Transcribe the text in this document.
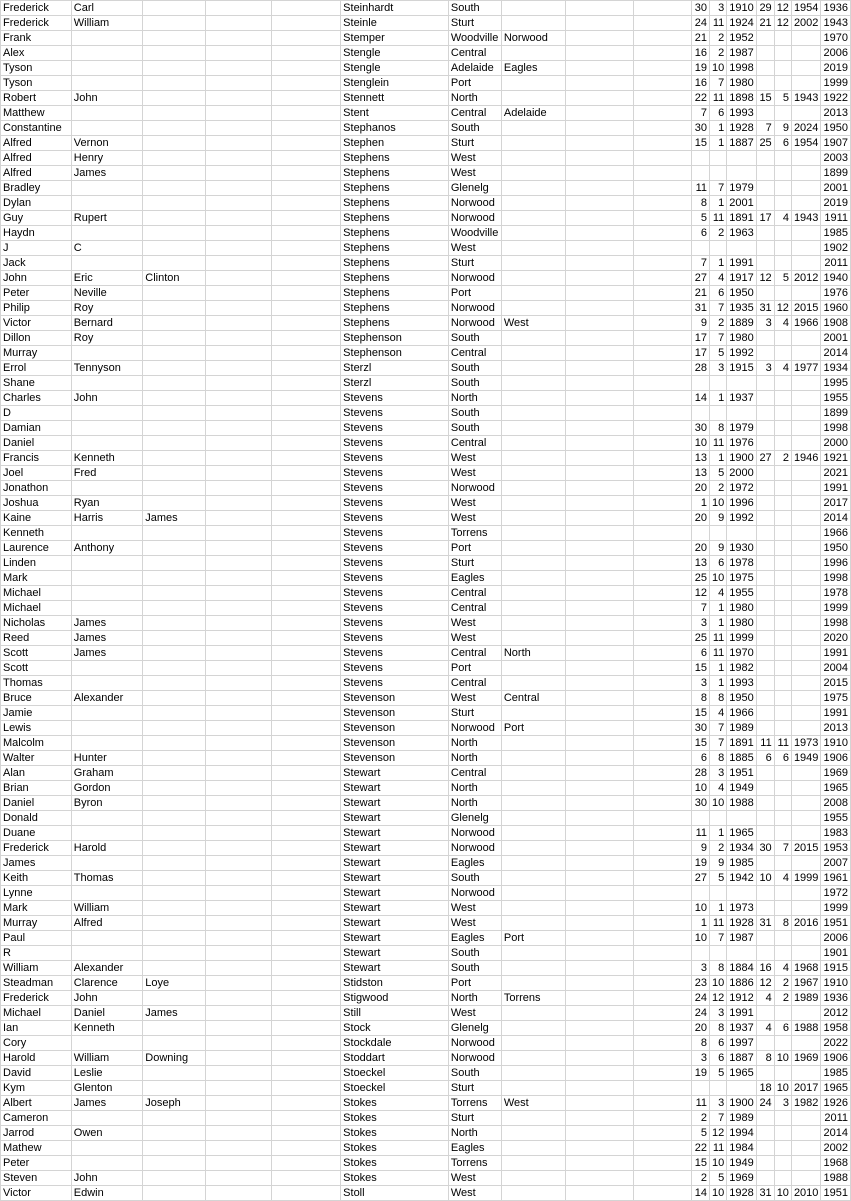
Frederick	Carl				Steinhardt	South				30	3	1910	29	12	1954	1936
Frederick	William				Steinle	Sturt				24	11	1924	21	12	2002	1943
Frank					Stemper	Woodville	Norwood			21	2	1952				1970
Alex					Stengle	Central				16	2	1987				2006
Tyson					Stengle	Adelaide	Eagles			19	10	1998				2019
Tyson					Stenglein	Port				16	7	1980				1999
Robert	John				Stennett	North				22	11	1898	15	5	1943	1922
Matthew					Stent	Central	Adelaide			7	6	1993				2013
Constantine					Stephanos	South				30	1	1928	7	9	2024	1950
Alfred	Vernon				Stephen	Sturt				15	1	1887	25	6	1954	1907
Alfred	Henry				Stephens	West										2003
Alfred	James				Stephens	West										1899
Bradley					Stephens	Glenelg				11	7	1979				2001
Dylan					Stephens	Norwood				8	1	2001				2019
Guy	Rupert				Stephens	Norwood				5	11	1891	17	4	1943	1911
Haydn					Stephens	Woodville				6	2	1963				1985
J	C				Stephens	West										1902
Jack					Stephens	Sturt				7	1	1991				2011
John	Eric	Clinton			Stephens	Norwood				27	4	1917	12	5	2012	1940
Peter	Neville				Stephens	Port				21	6	1950				1976
Philip	Roy				Stephens	Norwood				31	7	1935	31	12	2015	1960
Victor	Bernard				Stephens	Norwood	West			9	2	1889	3	4	1966	1908
Dillon	Roy				Stephenson	South				17	7	1980				2001
Murray					Stephenson	Central				17	5	1992				2014
Errol	Tennyson				Sterzl	South				28	3	1915	3	4	1977	1934
Shane					Sterzl	South										1995
Charles	John				Stevens	North				14	1	1937				1955
D					Stevens	South										1899
Damian					Stevens	South				30	8	1979				1998
Daniel					Stevens	Central				10	11	1976				2000
Francis	Kenneth				Stevens	West				13	1	1900	27	2	1946	1921
Joel	Fred				Stevens	West				13	5	2000				2021
Jonathon					Stevens	Norwood				20	2	1972				1991
Joshua	Ryan				Stevens	West				1	10	1996				2017
Kaine	Harris	James			Stevens	West				20	9	1992				2014
Kenneth					Stevens	Torrens										1966
Laurence	Anthony				Stevens	Port				20	9	1930				1950
Linden					Stevens	Sturt				13	6	1978				1996
Mark					Stevens	Eagles				25	10	1975				1998
Michael					Stevens	Central				12	4	1955				1978
Michael					Stevens	Central				7	1	1980				1999
Nicholas	James				Stevens	West				3	1	1980				1998
Reed	James				Stevens	West				25	11	1999				2020
Scott	James				Stevens	Central	North			6	11	1970				1991
Scott					Stevens	Port				15	1	1982				2004
Thomas					Stevens	Central				3	1	1993				2015
Bruce	Alexander				Stevenson	West	Central			8	8	1950				1975
Jamie					Stevenson	Sturt				15	4	1966				1991
Lewis					Stevenson	Norwood	Port			30	7	1989				2013
Malcolm					Stevenson	North				15	7	1891	11	11	1973	1910
Walter	Hunter				Stevenson	North				6	8	1885	6	6	1949	1906
Alan	Graham				Stewart	Central				28	3	1951				1969
Brian	Gordon				Stewart	North				10	4	1949				1965
Daniel	Byron				Stewart	North				30	10	1988				2008
Donald					Stewart	Glenelg										1955
Duane					Stewart	Norwood				11	1	1965				1983
Frederick	Harold				Stewart	Norwood				9	2	1934	30	7	2015	1953
James					Stewart	Eagles				19	9	1985				2007
Keith	Thomas				Stewart	South				27	5	1942	10	4	1999	1961
Lynne					Stewart	Norwood										1972
Mark	William				Stewart	West				10	1	1973				1999
Murray	Alfred				Stewart	West				1	11	1928	31	8	2016	1951
Paul					Stewart	Eagles	Port			10	7	1987				2006
R					Stewart	South										1901
William	Alexander				Stewart	South				3	8	1884	16	4	1968	1915
Steadman	Clarence	Loye			Stidston	Port				23	10	1886	12	2	1967	1910
Frederick	John				Stigwood	North	Torrens			24	12	1912	4	2	1989	1936
Michael	Daniel	James			Still	West				24	3	1991				2012
Ian	Kenneth				Stock	Glenelg				20	8	1937	4	6	1988	1958
Cory					Stockdale	Norwood				8	6	1997				2022
Harold	William	Downing			Stoddart	Norwood				3	6	1887	8	10	1969	1906
David	Leslie				Stoeckel	South				19	5	1965				1985
Kym	Glenton				Stoeckel	Sturt							18	10	2017	1965
Albert	James	Joseph			Stokes	Torrens	West			11	3	1900	24	3	1982	1926
Cameron					Stokes	Sturt				2	7	1989				2011
Jarrod	Owen				Stokes	North				5	12	1994				2014
Mathew					Stokes	Eagles				22	11	1984				2002
Peter					Stokes	Torrens				15	10	1949				1968
Steven	John				Stokes	West				2	5	1969				1988
Victor	Edwin				Stoll	West				14	10	1928	31	10	2010	1951
